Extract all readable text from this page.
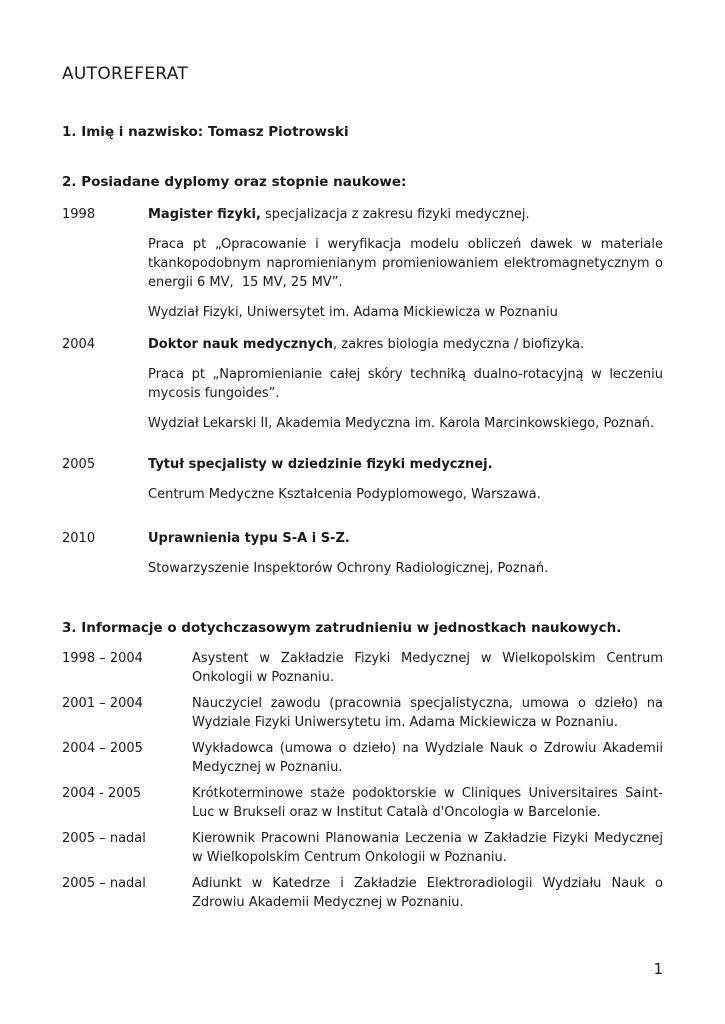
AUTOREFERAT
1. Imię i nazwisko: Tomasz Piotrowski
2. Posiadane dyplomy oraz stopnie naukowe:
1998	Magister fizyki, specjalizacja z zakresu fizyki medycznej.

Praca pt „Opracowanie i weryfikacja modelu obliczeń dawek w materiale tkankopodobnym napromienianym promieniowaniem elektromagnetycznym o energii 6 MV,  15 MV, 25 MV”.

Wydział Fizyki, Uniwersytet im. Adama Mickiewicza w Poznaniu

2004	Doktor nauk medycznych, zakres biologia medyczna / biofizyka.

Praca pt „Napromienianie całej skóry techniką dualno-rotacyjną w leczeniu mycosis fungoides”.

Wydział Lekarski II, Akademia Medyczna im. Karola Marcinkowskiego, Poznań.

2005	Tytuł specjalisty w dziedzinie fizyki medycznej.

Centrum Medyczne Kształcenia Podyplomowego, Warszawa.

2010	Uprawnienia typu S-A i S-Z.

Stowarzyszenie Inspektorów Ochrony Radiologicznej, Poznań.

3. Informacje o dotychczasowym zatrudnieniu w jednostkach naukowych.
1998 – 2004	Asystent w Zakładzie Fizyki Medycznej w Wielkopolskim Centrum Onkologii w Poznaniu.
2001 – 2004	Nauczyciel zawodu (pracownia specjalistyczna, umowa o dzieło) na Wydziale Fizyki Uniwersytetu im. Adama Mickiewicza w Poznaniu.
2004 – 2005	Wykładowca (umowa o dzieło) na Wydziale Nauk o Zdrowiu Akademii Medycznej w Poznaniu.
2004 - 2005	Krótkoterminowe staże podoktorskie w Cliniques Universitaires Saint-Luc w Brukseli oraz w Institut Català d'Oncologia w Barcelonie.
2005 – nadal	Kierownik Pracowni Planowania Leczenia w Zakładzie Fizyki Medycznej w Wielkopolskim Centrum Onkologii w Poznaniu.
2005 – nadal	Adiunkt w Katedrze i Zakładzie Elektroradiologii Wydziału Nauk o Zdrowiu Akademii Medycznej w Poznaniu.
1
